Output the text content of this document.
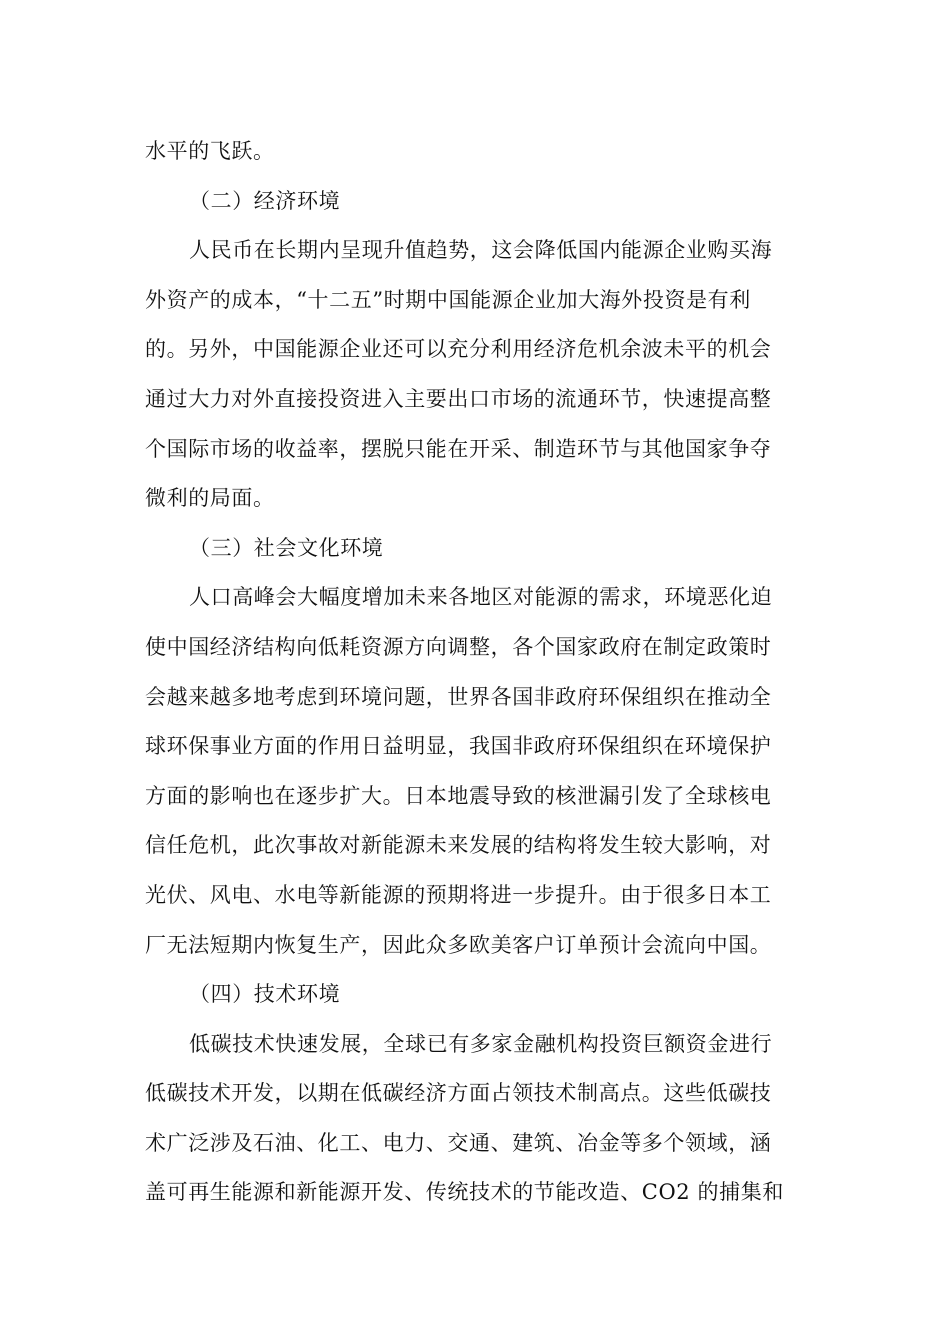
水平的飞跃。
（二）经济环境
人民币在长期内呈现升值趋势，这会降低国内能源企业购买海
外资产的成本，“十二五”时期中国能源企业加大海外投资是有利
的。另外，中国能源企业还可以充分利用经济危机余波未平的机会
通过大力对外直接投资进入主要出口市场的流通环节，快速提高整
个国际市场的收益率，摆脱只能在开采、制造环节与其他国家争夺
微利的局面。
（三）社会文化环境
人口高峰会大幅度增加未来各地区对能源的需求，环境恶化迫
使中国经济结构向低耗资源方向调整，各个国家政府在制定政策时
会越来越多地考虑到环境问题，世界各国非政府环保组织在推动全
球环保事业方面的作用日益明显，我国非政府环保组织在环境保护
方面的影响也在逐步扩大。日本地震导致的核泄漏引发了全球核电
信任危机，此次事故对新能源未来发展的结构将发生较大影响，对
光伏、风电、水电等新能源的预期将进一步提升。由于很多日本工
厂无法短期内恢复生产，因此众多欧美客户订单预计会流向中国。
（四）技术环境
低碳技术快速发展，全球已有多家金融机构投资巨额资金进行
低碳技术开发，以期在低碳经济方面占领技术制高点。这些低碳技
术广泛涉及石油、化工、电力、交通、建筑、冶金等多个领域，涵
盖可再生能源和新能源开发、传统技术的节能改造、CO2 的捕集和
